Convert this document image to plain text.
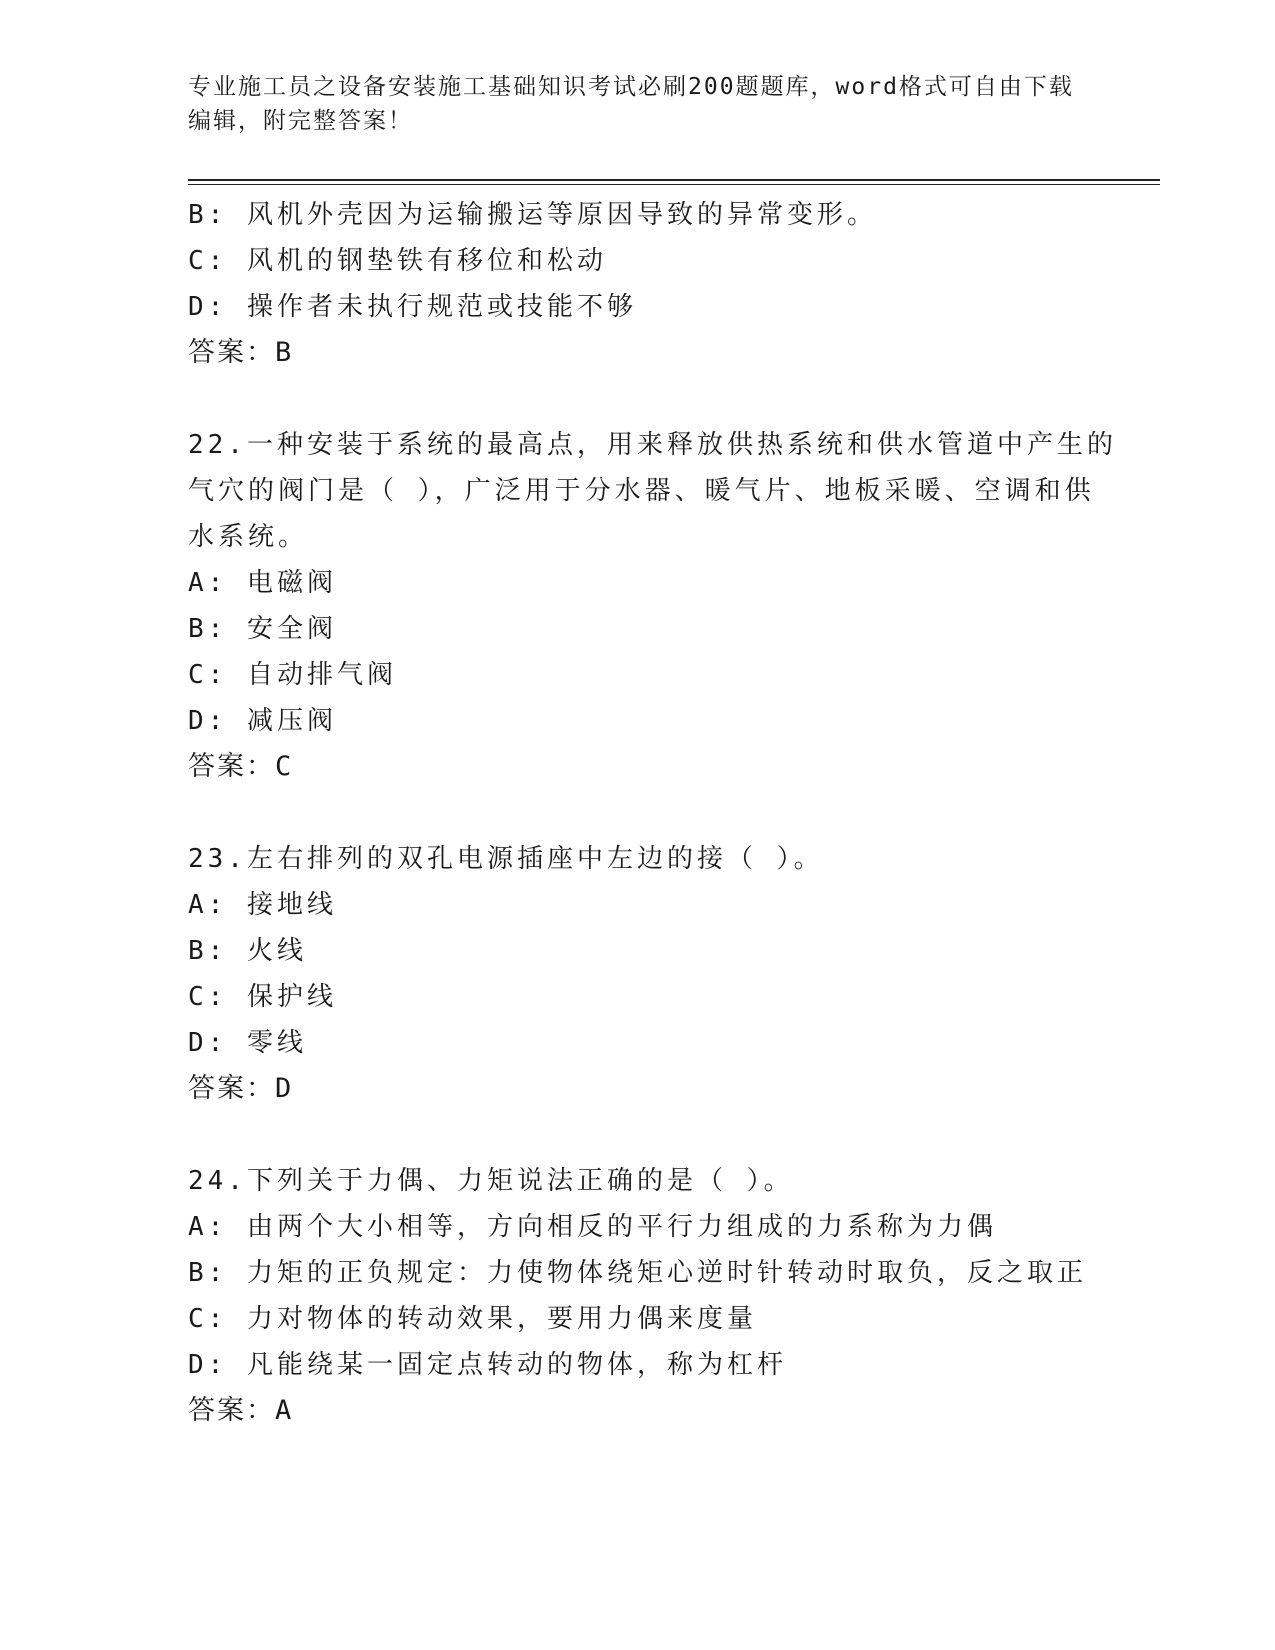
专业施工员之设备安装施工基础知识考试必刷200题题库，word格式可自由下载
编辑，附完整答案！
B: 风机外壳因为运输搬运等原因导致的异常变形。
C: 风机的钢垫铁有移位和松动
D: 操作者未执行规范或技能不够
答案：B
22.一种安装于系统的最高点，用来释放供热系统和供水管道中产生的
气穴的阀门是（ ），广泛用于分水器、暖气片、地板采暖、空调和供
水系统。
A: 电磁阀
B: 安全阀
C: 自动排气阀
D: 减压阀
答案：C
23.左右排列的双孔电源插座中左边的接（ ）。
A: 接地线
B: 火线
C: 保护线
D: 零线
答案：D
24.下列关于力偶、力矩说法正确的是（ ）。
A: 由两个大小相等，方向相反的平行力组成的力系称为力偶
B: 力矩的正负规定：力使物体绕矩心逆时针转动时取负，反之取正
C: 力对物体的转动效果，要用力偶来度量
D: 凡能绕某一固定点转动的物体，称为杠杆
答案：A
